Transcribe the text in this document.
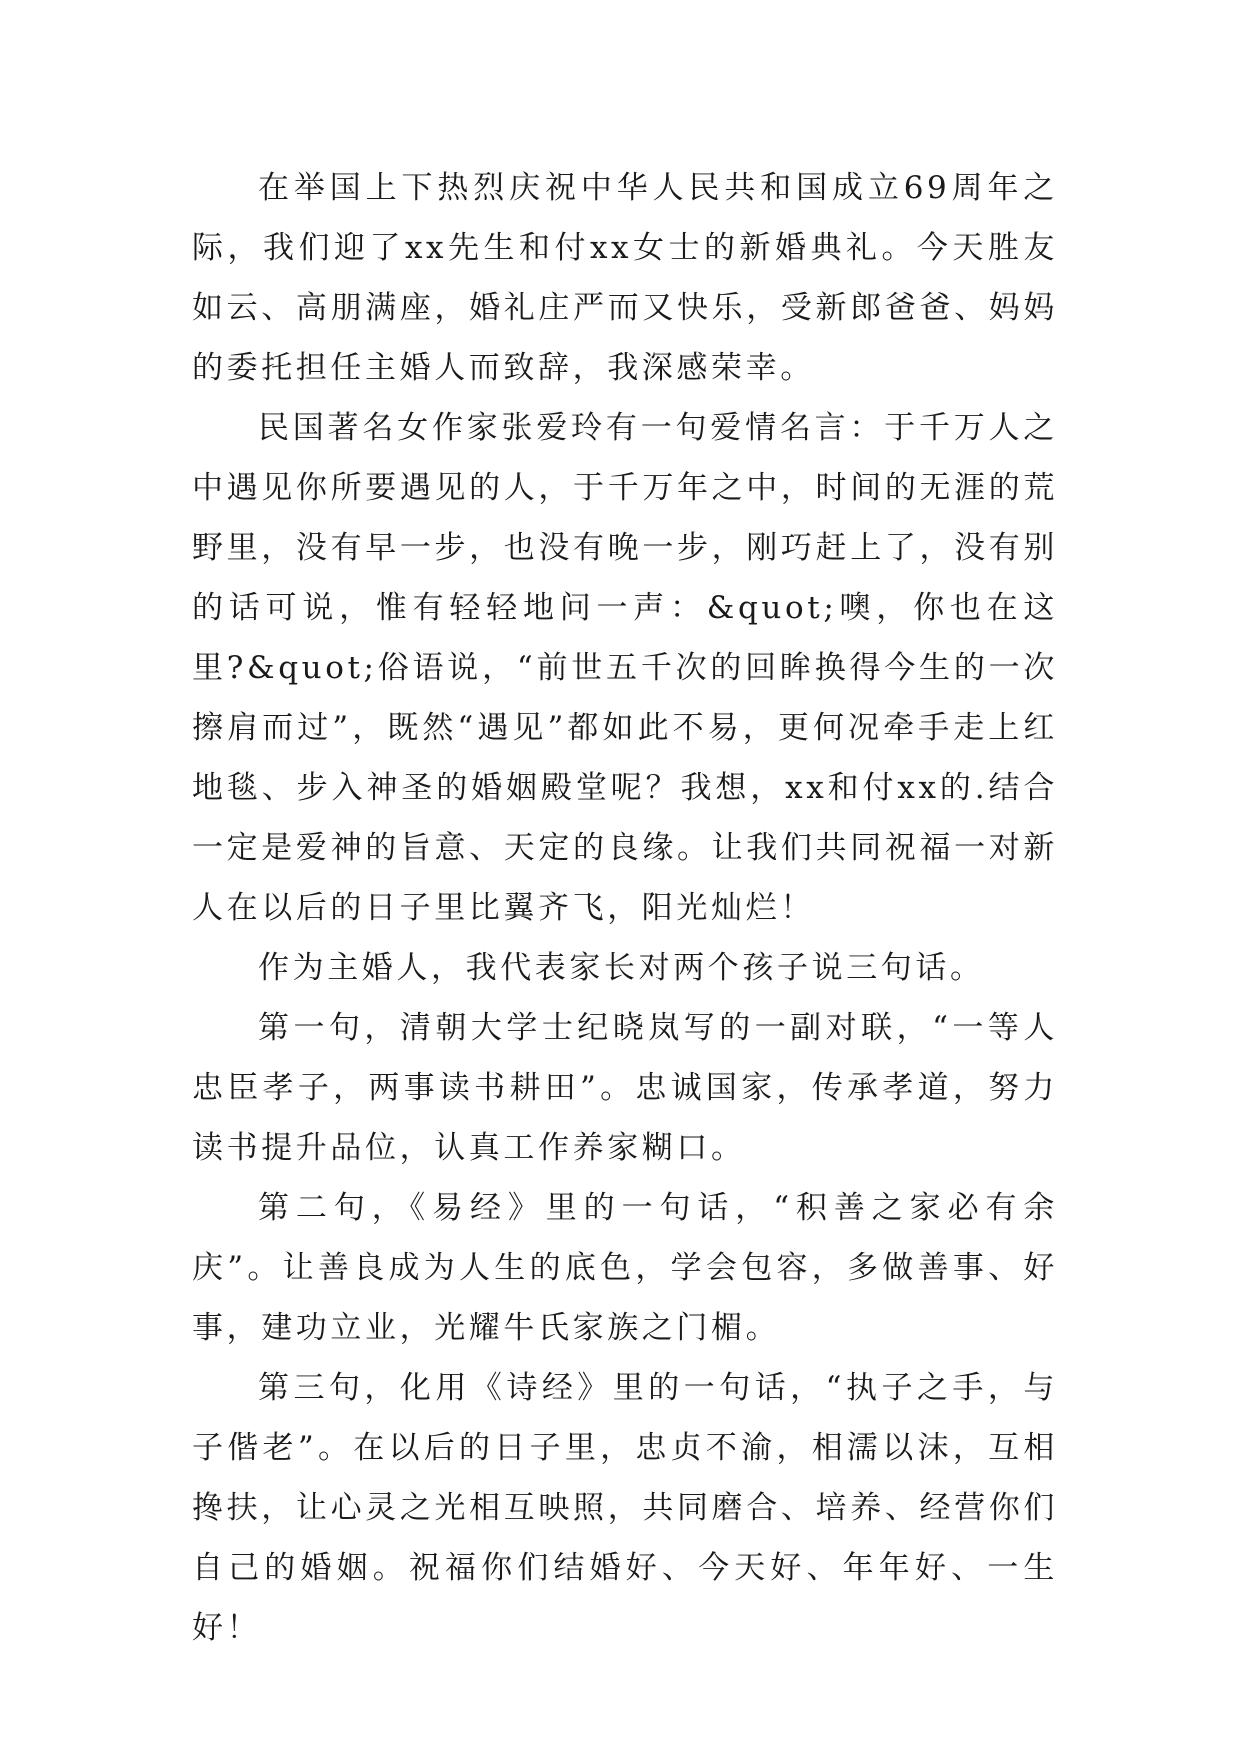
在举国上下热烈庆祝中华人民共和国成立69周年之际，我们迎了xx先生和付xx女士的新婚典礼。今天胜友如云、高朋满座，婚礼庄严而又快乐，受新郎爸爸、妈妈的委托担任主婚人而致辞，我深感荣幸。

民国著名女作家张爱玲有一句爱情名言：于千万人之中遇见你所要遇见的人，于千万年之中，时间的无涯的荒野里，没有早一步，也没有晚一步，刚巧赶上了，没有别的话可说，惟有轻轻地问一声：&quot;噢，你也在这里?&quot;俗语说，“前世五千次的回眸换得今生的一次擦肩而过”，既然“遇见”都如此不易，更何况牵手走上红地毯、步入神圣的婚姻殿堂呢？我想，xx和付xx的.结合一定是爱神的旨意、天定的良缘。让我们共同祝福一对新人在以后的日子里比翼齐飞，阳光灿烂！

作为主婚人，我代表家长对两个孩子说三句话。

第一句，清朝大学士纪晓岚写的一副对联，“一等人忠臣孝子，两事读书耕田”。忠诚国家，传承孝道，努力读书提升品位，认真工作养家糊口。

第二句，《易经》里的一句话，“积善之家必有余庆”。让善良成为人生的底色，学会包容，多做善事、好事，建功立业，光耀牛氏家族之门楣。

第三句，化用《诗经》里的一句话，“执子之手，与子偕老”。在以后的日子里，忠贞不渝，相濡以沫，互相搀扶，让心灵之光相互映照，共同磨合、培养、经营你们自己的婚姻。祝福你们结婚好、今天好、年年好、一生好！
